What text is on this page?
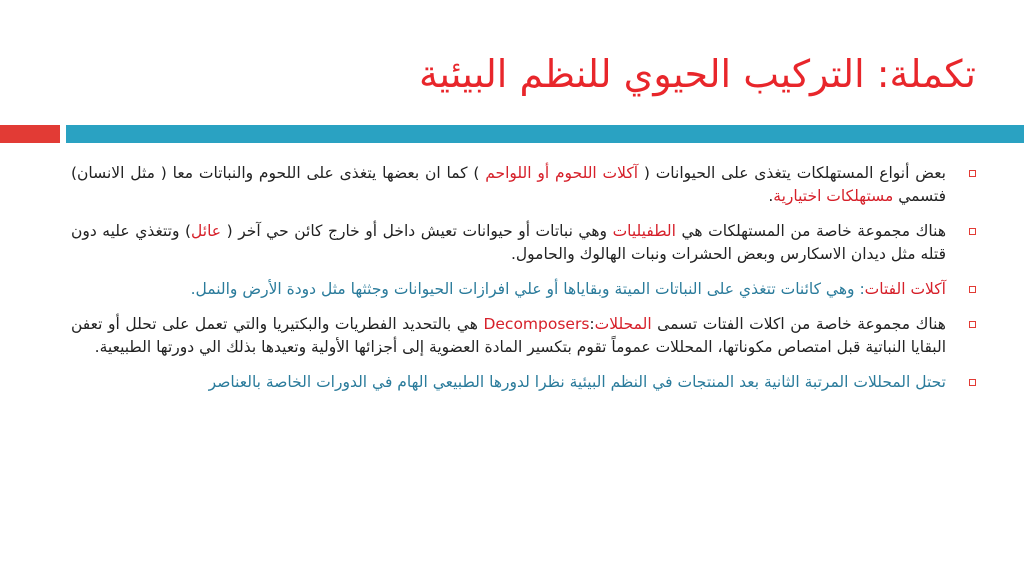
تكملة: التركيب الحيوي للنظم البيئية

بعض أنواع المستهلكات يتغذى على الحيوانات ( آكلات اللحوم أو اللواحم ) كما ان بعضها يتغذى على اللحوم والنباتات معا ( مثل الانسان) فتسمي مستهلكات اختيارية.

هناك مجموعة خاصة من المستهلكات هي الطفيليات وهي نباتات أو حيوانات تعيش داخل أو خارج كائن حي آخر ( عائل) وتتغذي عليه دون قتله مثل ديدان الاسكارس وبعض الحشرات ونبات الهالوك والحامول.

آكلات الفتات: وهي كائنات تتغذي على النباتات الميتة وبقاياها أو علي افرازات الحيوانات وجثثها مثل دودة الأرض والنمل.

هناك مجموعة خاصة من اكلات الفتات تسمى المحللات:Decomposers هي بالتحديد الفطريات والبكتيريا والتي تعمل على تحلل أو تعفن البقايا النباتية قبل امتصاص مكوناتها، المحللات عموماً تقوم بتكسير المادة العضوية إلى أجزائها الأولية وتعيدها بذلك الي دورتها الطبيعية.

تحتل المحللات المرتبة الثانية بعد المنتجات في النظم البيئية نظرا لدورها الطبيعي الهام في الدورات الخاصة بالعناصر
